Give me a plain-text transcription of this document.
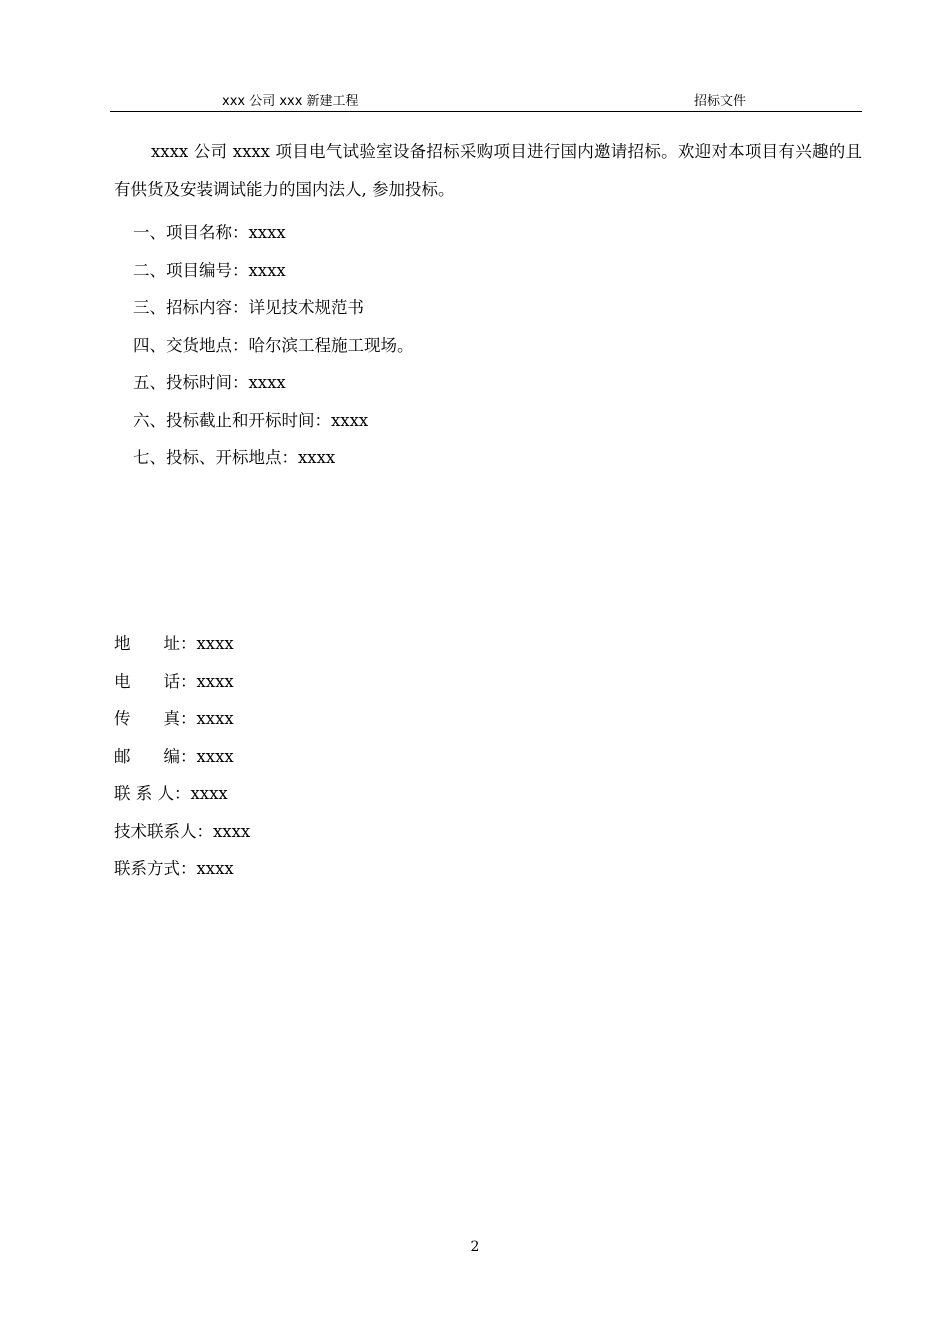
xxx 公司 xxx 新建工程	招标文件

xxxx 公司 xxxx 项目电气试验室设备招标采购项目进行国内邀请招标。欢迎对本项目有兴趣的且有供货及安装调试能力的国内法人, 参加投标。

一、项目名称：xxxx
二、项目编号：xxxx
三、招标内容：详见技术规范书
四、交货地点：哈尔滨工程施工现场。
五、投标时间：xxxx
六、投标截止和开标时间：xxxx
七、投标、开标地点：xxxx
地　　址：xxxx
电　　话：xxxx
传　　真：xxxx
邮　　编：xxxx
联 系 人：xxxx
技术联系人：xxxx
联系方式：xxxx
2
